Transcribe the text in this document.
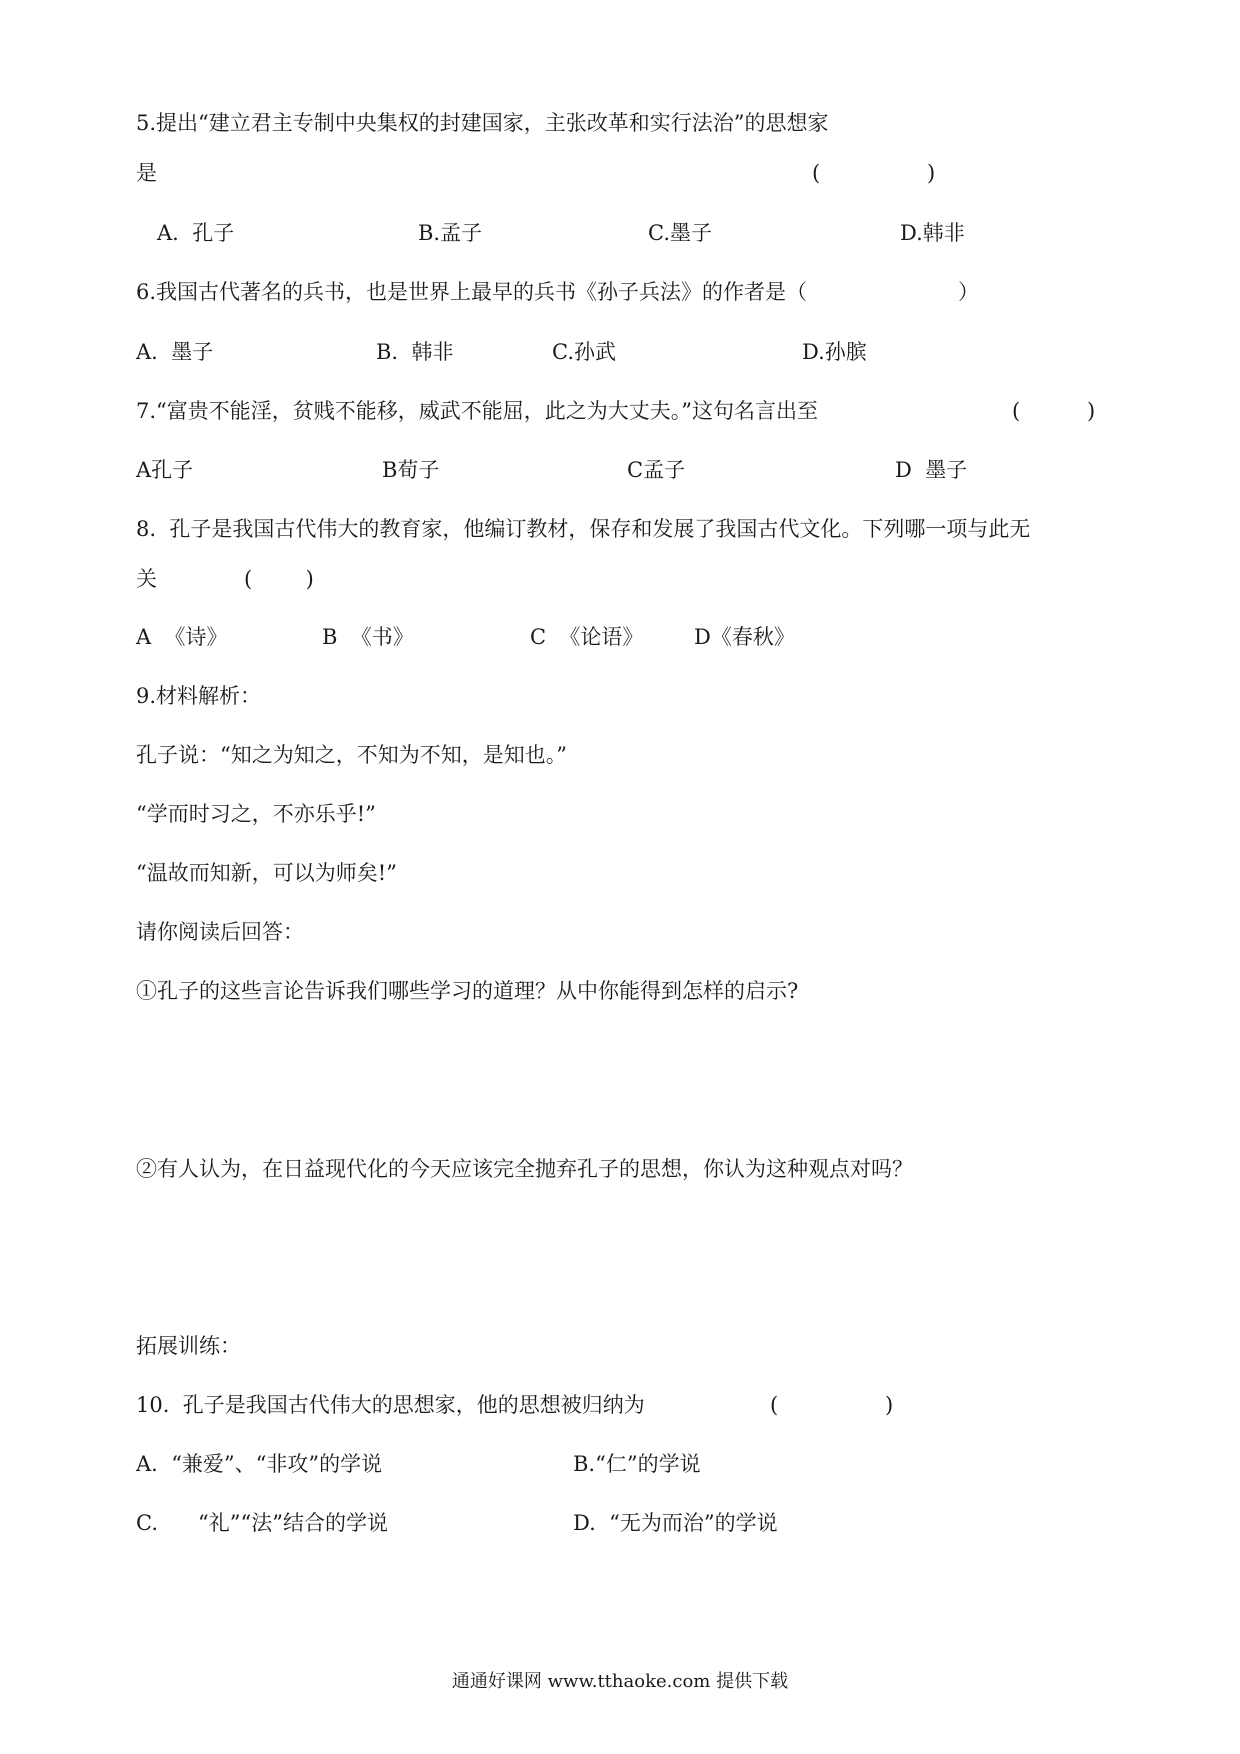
5.提出“建立君主专制中央集权的封建国家，主张改革和实行法治”的思想家
是	(                )
A.  孔子	B.孟子	C.墨子	D.韩非
6.我国古代著名的兵书，也是世界上最早的兵书《孙子兵法》的作者是（	）
A.  墨子	B.  韩非	C.孙武	D.孙膑
7.“富贵不能淫，贫贱不能移，威武不能屈，此之为大丈夫。”这句名言出至	(          )
A孔子	B荀子	C孟子	D  墨子
8.  孔子是我国古代伟大的教育家，他编订教材，保存和发展了我国古代文化。下列哪一项与此无
关	(        )
A  《诗》	B  《书》	C  《论语》 D《春秋》
9.材料解析：
孔子说：“知之为知之，不知为不知，是知也。”
“学而时习之，不亦乐乎!”
“温故而知新，可以为师矣!”
请你阅读后回答：
①孔子的这些言论告诉我们哪些学习的道理？从中你能得到怎样的启示?
②有人认为，在日益现代化的今天应该完全抛弃孔子的思想，你认为这种观点对吗？
拓展训练：
10.  孔子是我国古代伟大的思想家，他的思想被归纳为	(                )
A.  “兼爱”、“非攻”的学说	B.“仁”的学说
C.      “礼”“法”结合的学说	D.  “无为而治”的学说
通通好课网 www.tthaoke.com 提供下载
